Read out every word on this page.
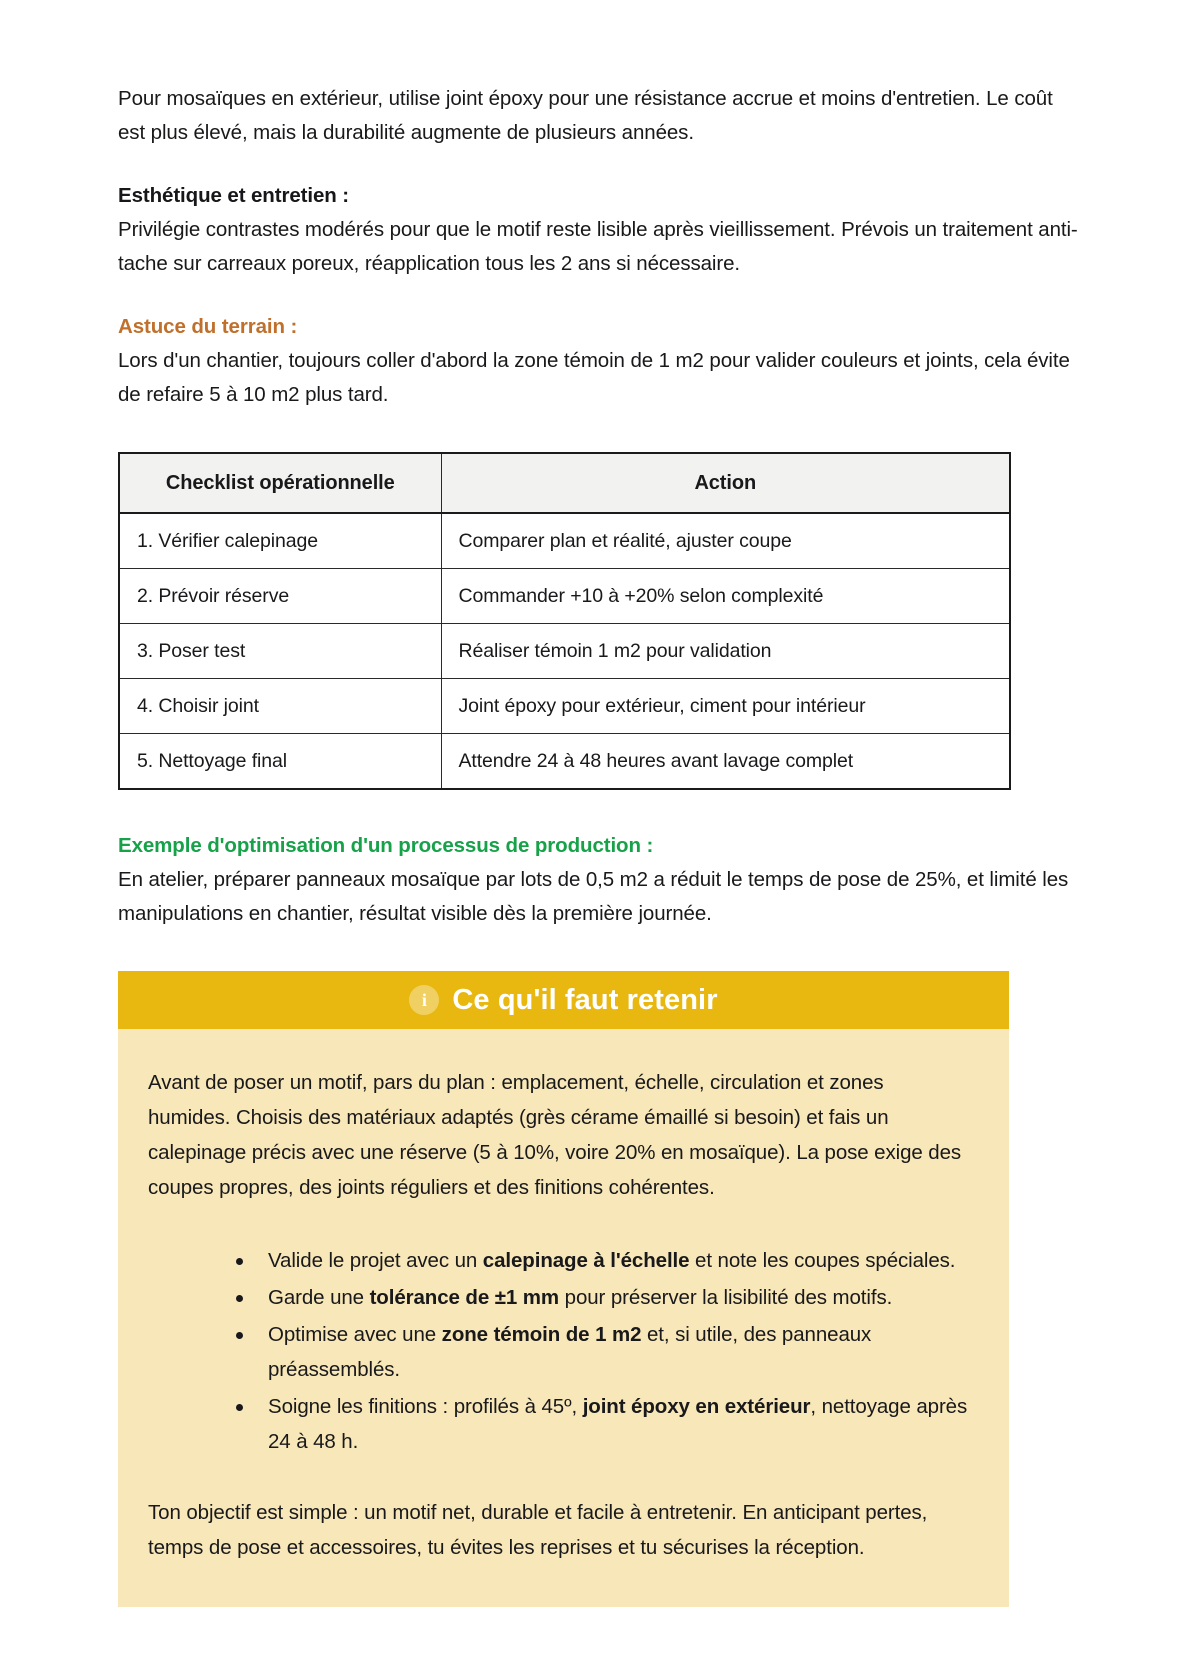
Pour mosaïques en extérieur, utilise joint époxy pour une résistance accrue et moins d'entretien. Le coût est plus élevé, mais la durabilité augmente de plusieurs années.

Esthétique et entretien :

Privilégie contrastes modérés pour que le motif reste lisible après vieillissement. Prévois un traitement anti-tache sur carreaux poreux, réapplication tous les 2 ans si nécessaire.

Astuce du terrain :

Lors d'un chantier, toujours coller d'abord la zone témoin de 1 m2 pour valider couleurs et joints, cela évite de refaire 5 à 10 m2 plus tard.

Checklist opérationnelle	Action
1. Vérifier calepinage	Comparer plan et réalité, ajuster coupe
2. Prévoir réserve	Commander +10 à +20% selon complexité
3. Poser test	Réaliser témoin 1 m2 pour validation
4. Choisir joint	Joint époxy pour extérieur, ciment pour intérieur
5. Nettoyage final	Attendre 24 à 48 heures avant lavage complet
Exemple d'optimisation d'un processus de production :

En atelier, préparer panneaux mosaïque par lots de 0,5 m2 a réduit le temps de pose de 25%, et limité les manipulations en chantier, résultat visible dès la première journée.

i Ce qu'il faut retenir

Avant de poser un motif, pars du plan : emplacement, échelle, circulation et zones humides. Choisis des matériaux adaptés (grès cérame émaillé si besoin) et fais un calepinage précis avec une réserve (5 à 10%, voire 20% en mosaïque). La pose exige des coupes propres, des joints réguliers et des finitions cohérentes.

Valide le projet avec un calepinage à l'échelle et note les coupes spéciales.
Garde une tolérance de ±1 mm pour préserver la lisibilité des motifs.
Optimise avec une zone témoin de 1 m2 et, si utile, des panneaux préassemblés.
Soigne les finitions : profilés à 45º, joint époxy en extérieur, nettoyage après 24 à 48 h.

Ton objectif est simple : un motif net, durable et facile à entretenir. En anticipant pertes, temps de pose et accessoires, tu évites les reprises et tu sécurises la réception.
